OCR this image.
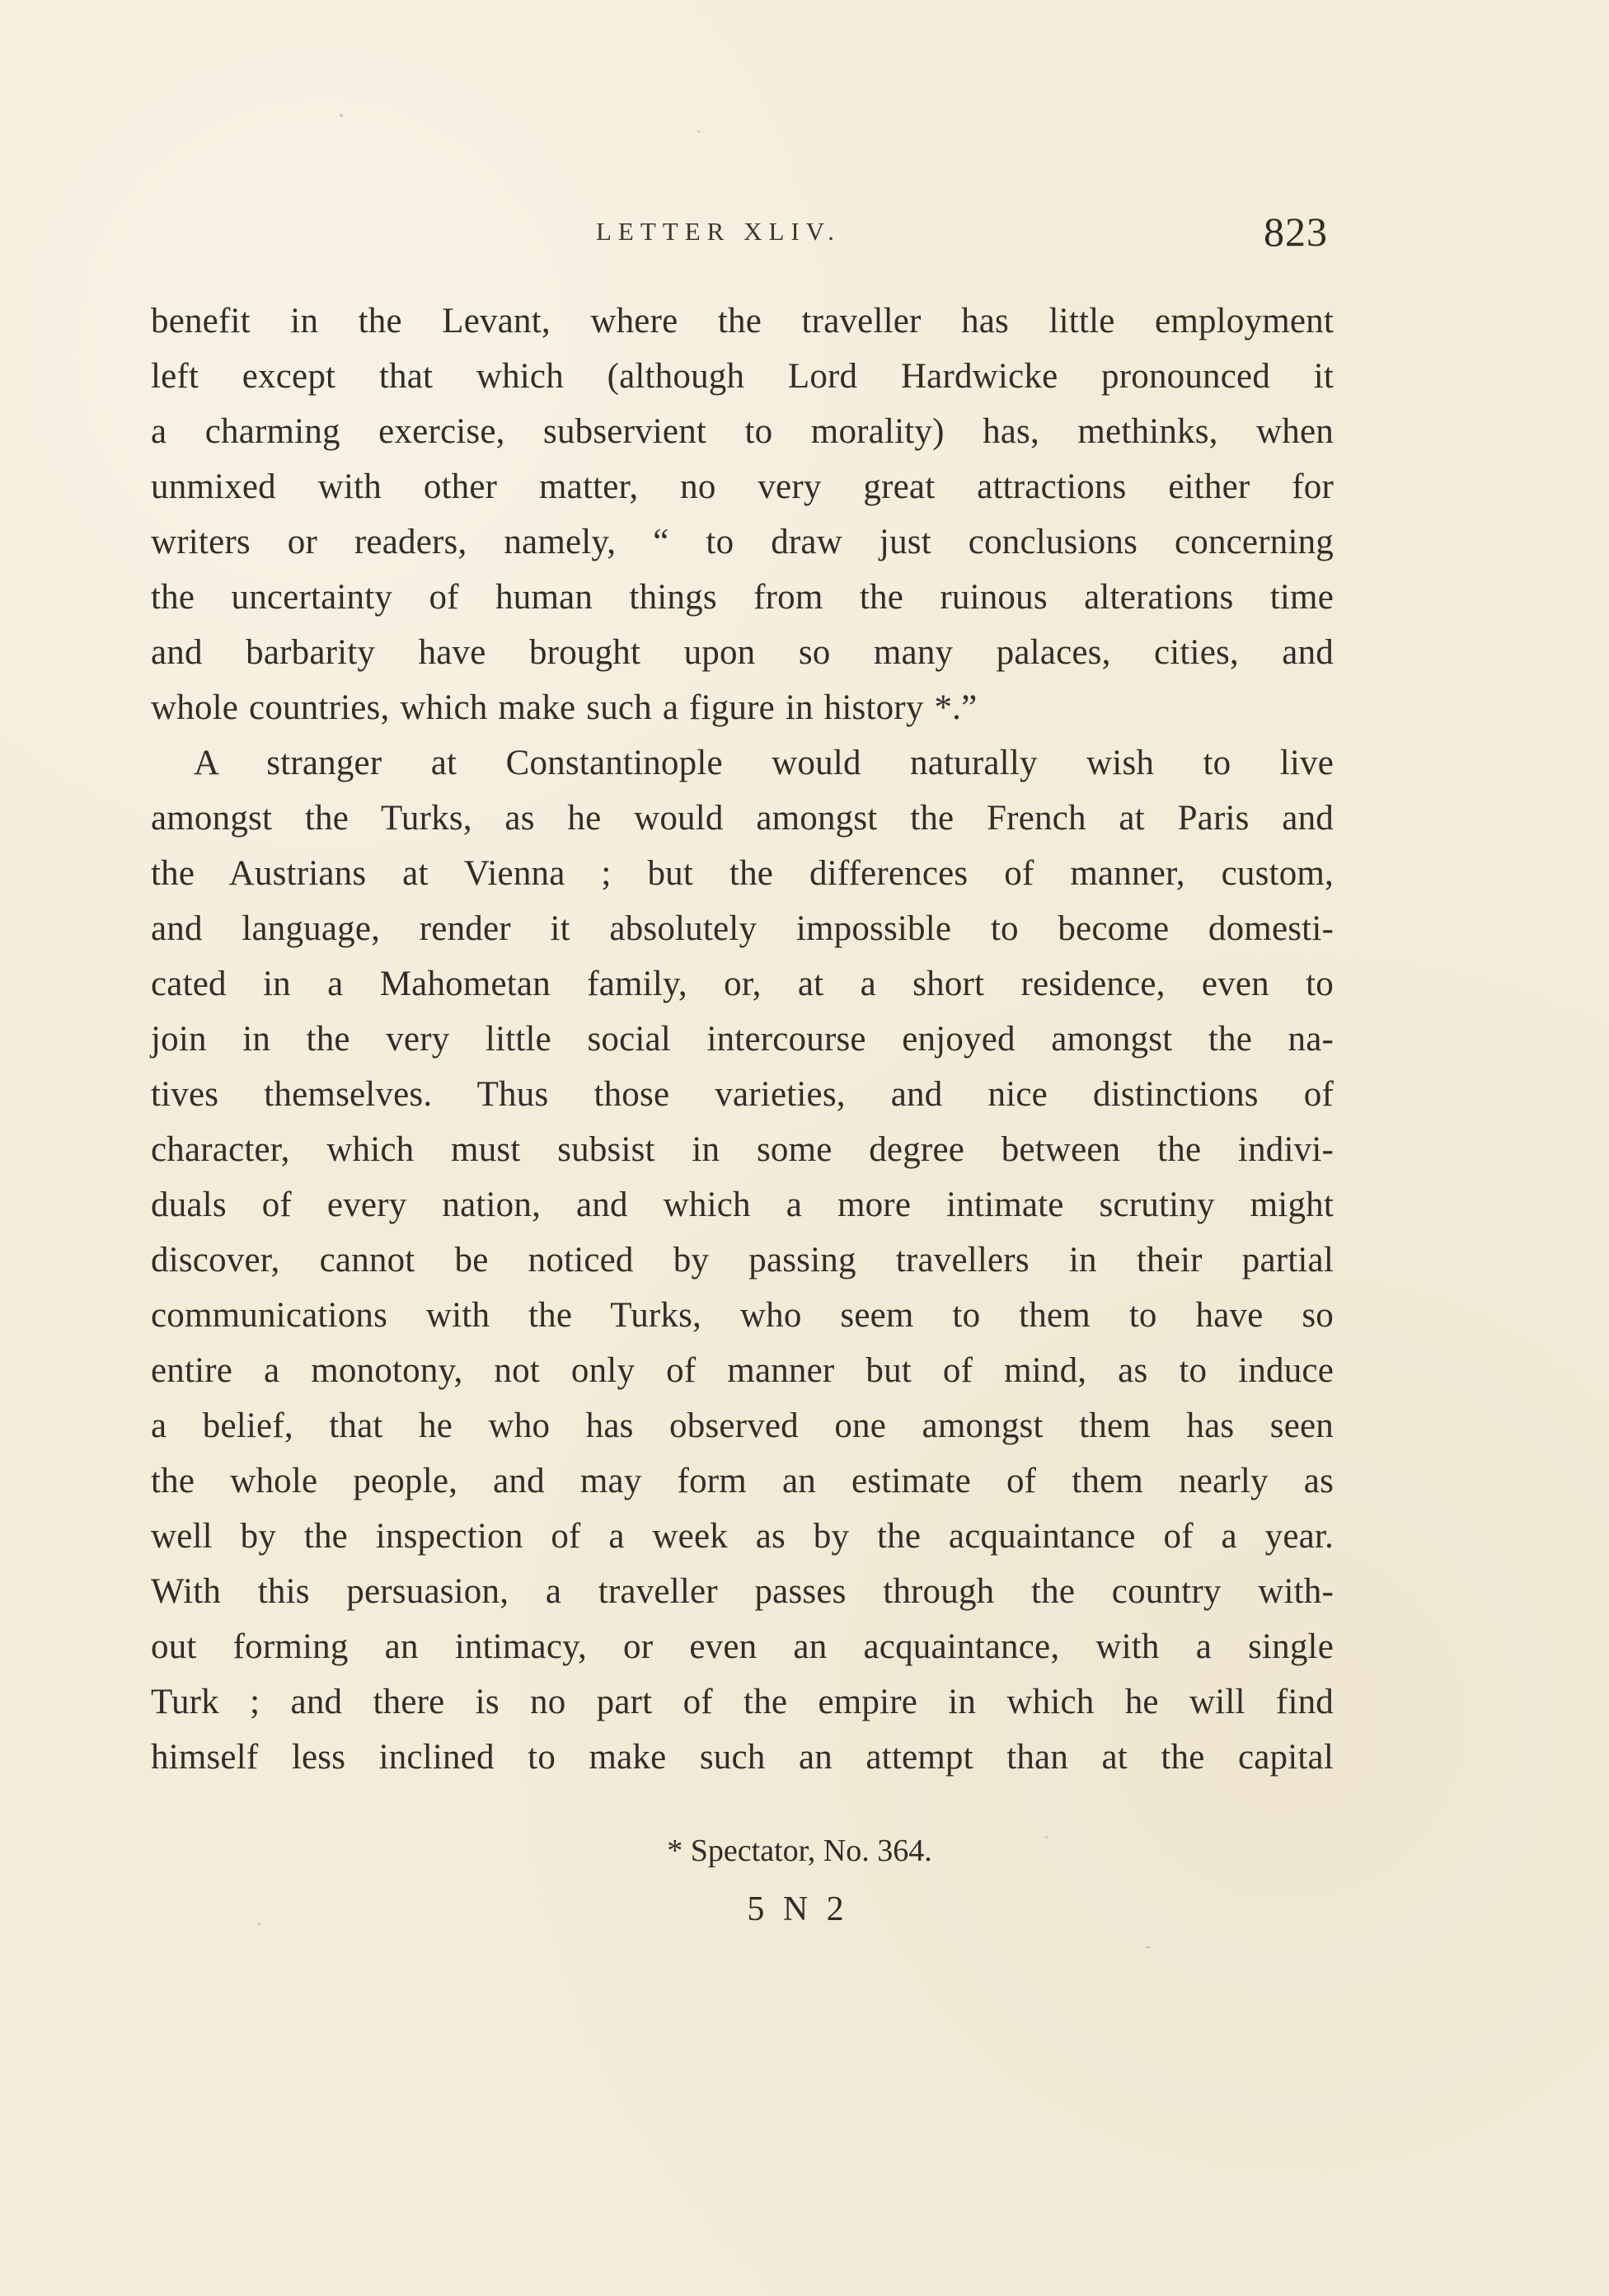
LETTER XLIV.	823
benefit in the Levant, where the traveller has little employment
left except that which (although Lord Hardwicke pronounced it
a charming exercise, subservient to morality) has, methinks, when
unmixed with other matter, no very great attractions either for
writers or readers, namely, “ to draw just conclusions concerning
the uncertainty of human things from the ruinous alterations time
and barbarity have brought upon so many palaces, cities, and
whole countries, which make such a figure in history *.”
A stranger at Constantinople would naturally wish to live
amongst the Turks, as he would amongst the French at Paris and
the Austrians at Vienna ; but the differences of manner, custom,
and language, render it absolutely impossible to become domesti-
cated in a Mahometan family, or, at a short residence, even to
join in the very little social intercourse enjoyed amongst the na-
tives themselves. Thus those varieties, and nice distinctions of
character, which must subsist in some degree between the indivi-
duals of every nation, and which a more intimate scrutiny might
discover, cannot be noticed by passing travellers in their partial
communications with the Turks, who seem to them to have so
entire a monotony, not only of manner but of mind, as to induce
a belief, that he who has observed one amongst them has seen
the whole people, and may form an estimate of them nearly as
well by the inspection of a week as by the acquaintance of a year.
With this persuasion, a traveller passes through the country with-
out forming an intimacy, or even an acquaintance, with a single
Turk ; and there is no part of the empire in which he will find
himself less inclined to make such an attempt than at the capital
* Spectator, No. 364.
5 N 2
